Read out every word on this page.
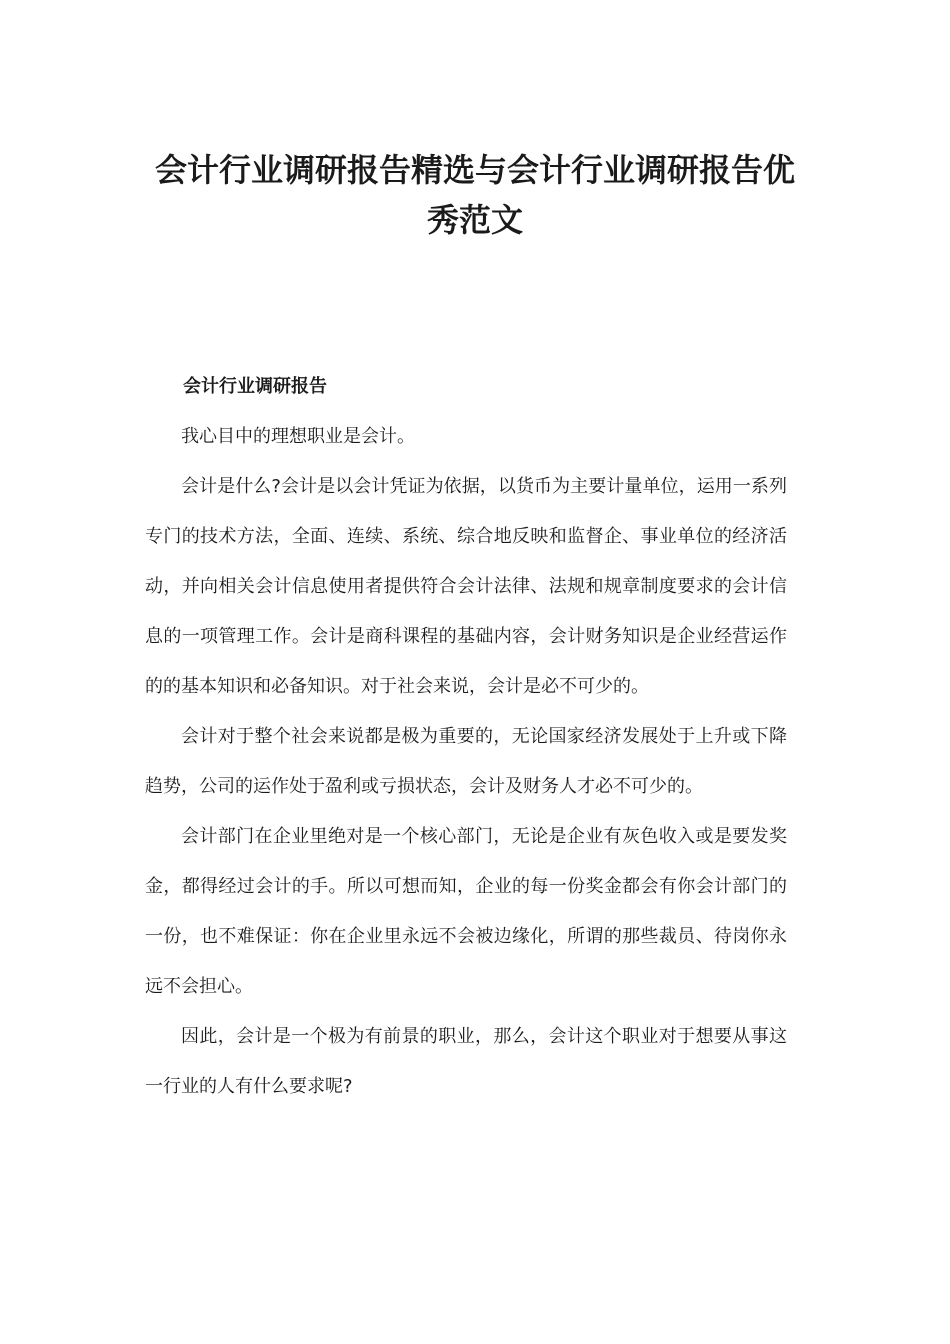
会计行业调研报告精选与会计行业调研报告优秀范文
会计行业调研报告

我心目中的理想职业是会计。

会计是什么?会计是以会计凭证为依据，以货币为主要计量单位，运用一系列专门的技术方法，全面、连续、系统、综合地反映和监督企、事业单位的经济活动，并向相关会计信息使用者提供符合会计法律、法规和规章制度要求的会计信息的一项管理工作。会计是商科课程的基础内容，会计财务知识是企业经营运作的的基本知识和必备知识。对于社会来说，会计是必不可少的。

会计对于整个社会来说都是极为重要的，无论国家经济发展处于上升或下降趋势，公司的运作处于盈利或亏损状态，会计及财务人才必不可少的。

会计部门在企业里绝对是一个核心部门，无论是企业有灰色收入或是要发奖金，都得经过会计的手。所以可想而知，企业的每一份奖金都会有你会计部门的一份，也不难保证：你在企业里永远不会被边缘化，所谓的那些裁员、待岗你永远不会担心。

因此，会计是一个极为有前景的职业，那么，会计这个职业对于想要从事这一行业的人有什么要求呢?
